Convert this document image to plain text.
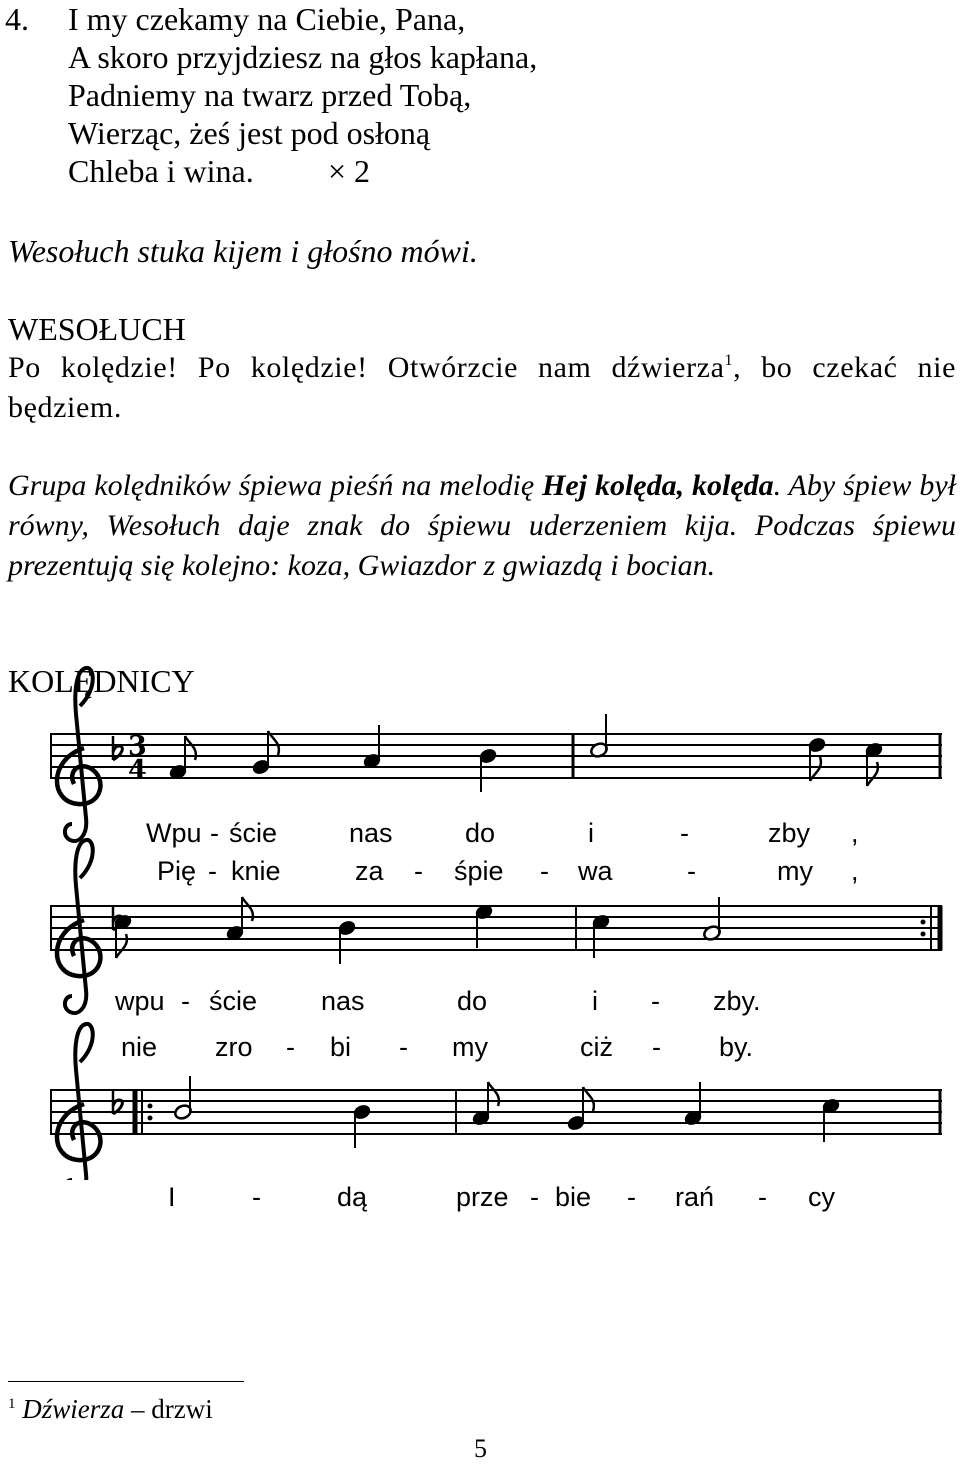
4. I my czekamy na Ciebie, Pana,
A skoro przyjdziesz na głos kapłana,
Padniemy na twarz przed Tobą,
Wierząc, żeś jest pod osłoną
Chleba i wina. × 2
Wesołuch stuka kijem i głośno mówi.
WESOŁUCH
Po kolędzie! Po kolędzie! Otwórzcie nam dźwierza$^1$, bo czekać nie będziem.
Grupa kolędników śpiewa pieśń na melodię Hej kolęda, kolęda. Aby śpiew był równy, Wesołuch daje znak do śpiewu uderzeniem kija. Podczas śpiewu prezentują się kolejno: koza, Gwiazdor z gwiazdą i bocian.
KOLĘDNICY
3
4
Wpu - ście	nas	do	i	-	zby ,
Pię - knie	za - śpie - wa	-	my ,
wpu - ście nas	do	i - zby.
nie zro - bi - my	ciż - by.
I	-	dą	prze - bie - rań - cy
$^1$ Dźwierza – drzwi
5
